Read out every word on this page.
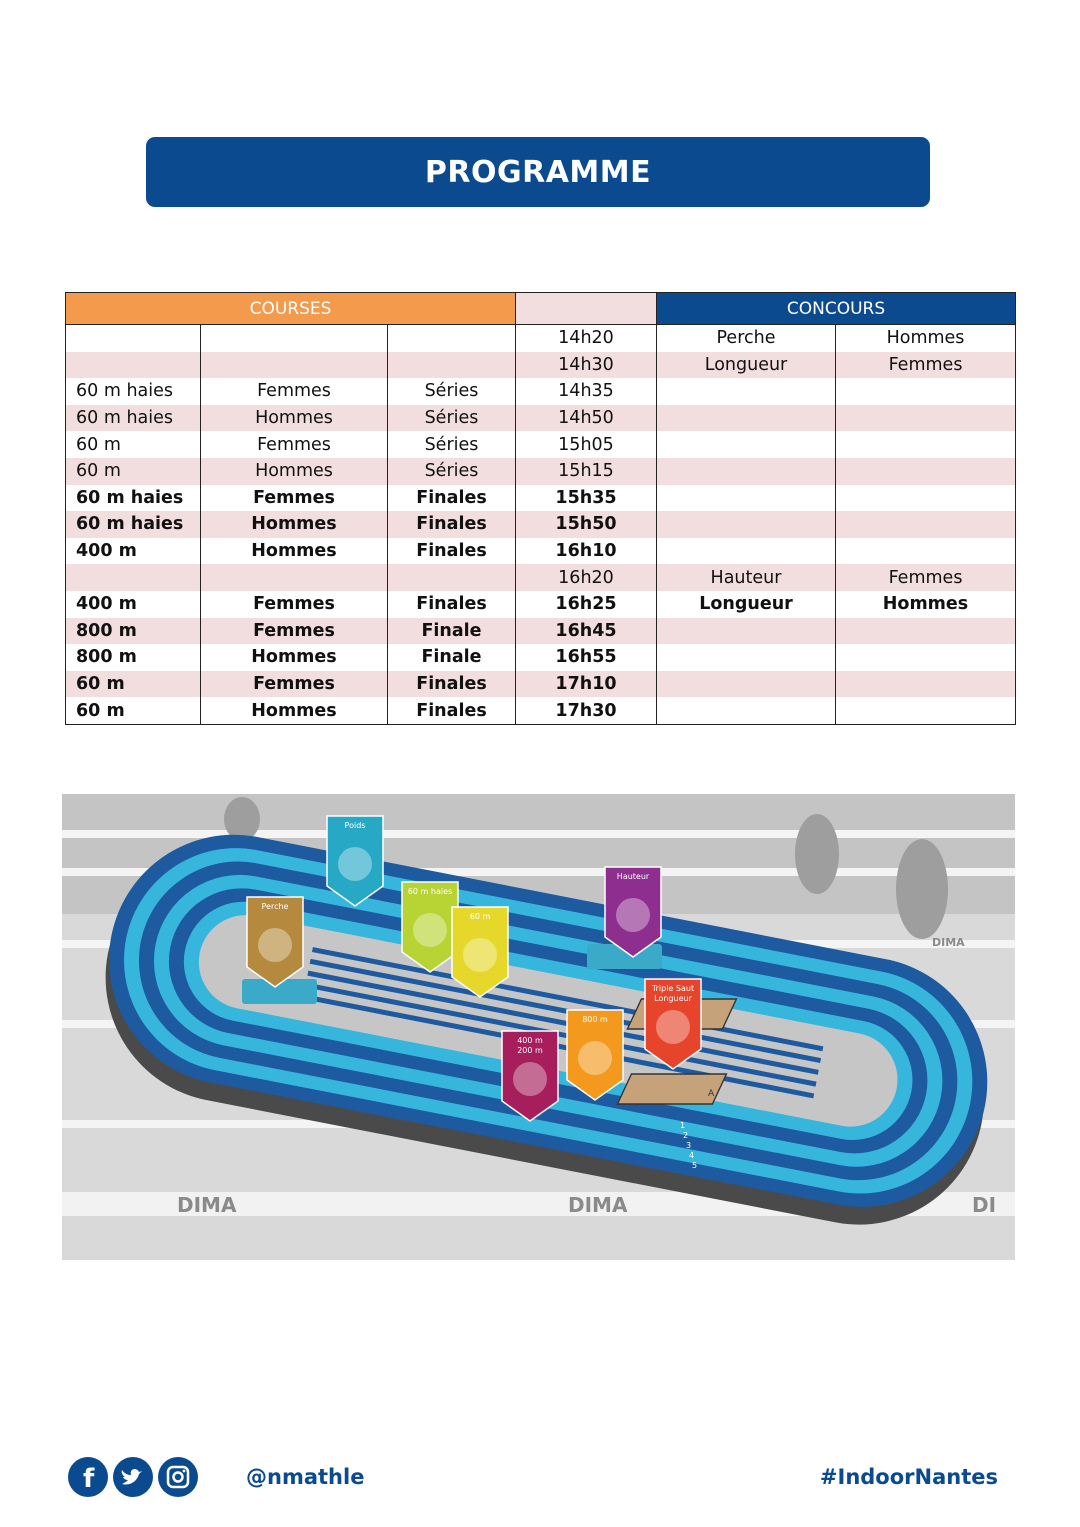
PROGRAMME
COURSES				CONCOURS	
			14h20	Perche	Hommes
			14h30	Longueur	Femmes
60 m haies	Femmes	Séries	14h35		
60 m haies	Hommes	Séries	14h50		
60 m	Femmes	Séries	15h05		
60 m	Hommes	Séries	15h15		
60 m haies	Femmes	Finales	15h35		
60 m haies	Hommes	Finales	15h50		
400 m	Hommes	Finales	16h10		
			16h20	Hauteur	Femmes
400 m	Femmes	Finales	16h25	Longueur	Hommes
800 m	Femmes	Finale	16h45		
800 m	Hommes	Finale	16h55		
60 m	Femmes	Finales	17h10		
60 m	Hommes	Finales	17h30		
DIMA	DIMA	DI
DIMA
A
1
2
3
4
5
Poids
Perche
60 m haies
60 m
Hauteur
Triple Saut
Longueur
800 m
400 m
200 m
f	@nmathle	#IndoorNantes
